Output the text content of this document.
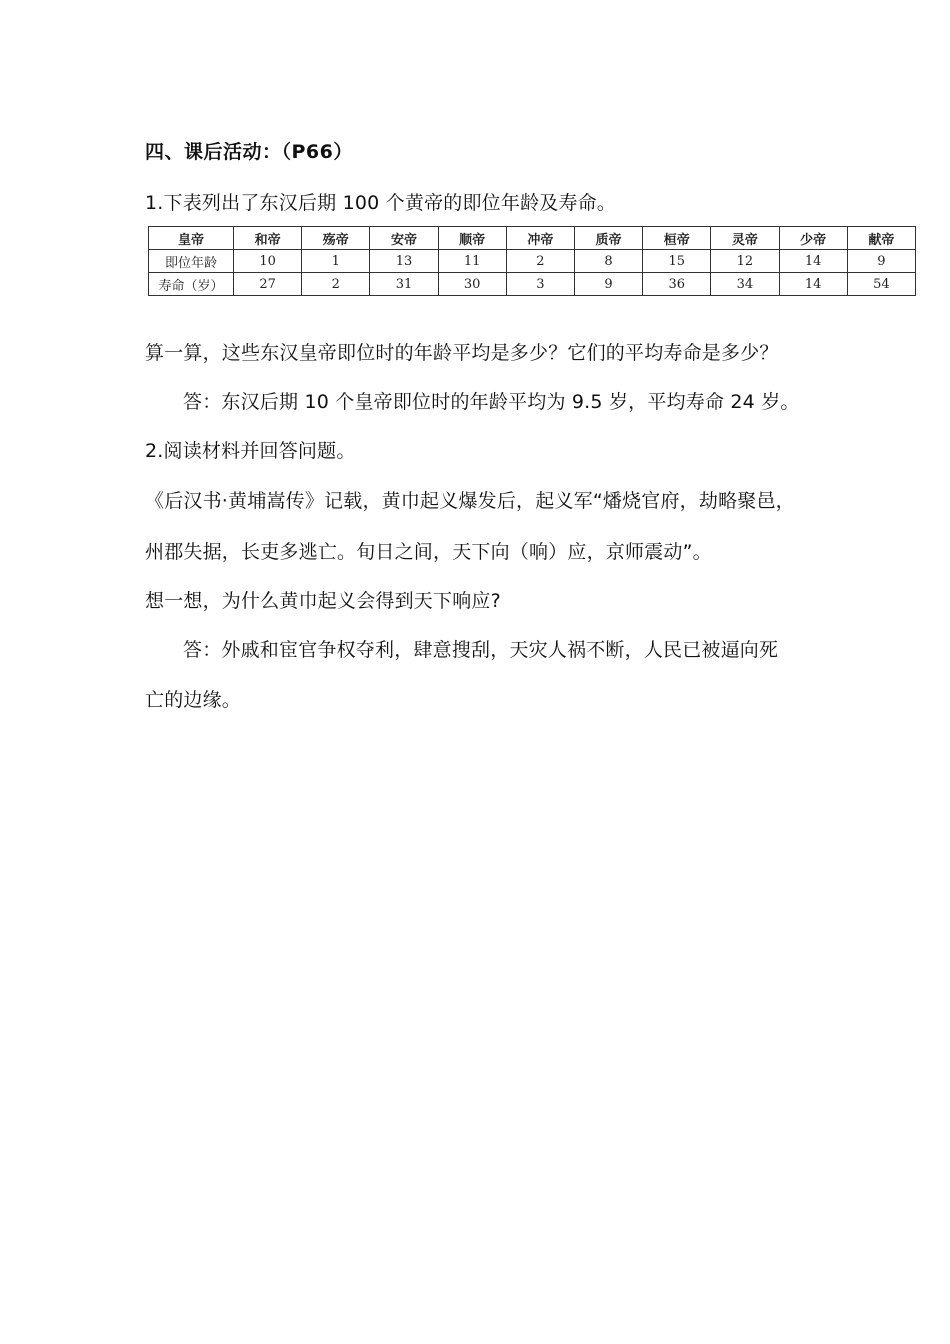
四、课后活动：（P66）
1.下表列出了东汉后期 100 个黄帝的即位年龄及寿命。
皇帝	和帝	殇帝	安帝	顺帝	冲帝	质帝	桓帝	灵帝	少帝	献帝
即位年龄	10	1	13	11	2	8	15	12	14	9
寿命（岁）	27	2	31	30	3	9	36	34	14	54
算一算，这些东汉皇帝即位时的年龄平均是多少？它们的平均寿命是多少？
答：东汉后期 10 个皇帝即位时的年龄平均为 9.5 岁，平均寿命 24 岁。
2.阅读材料并回答问题。
《后汉书·黄埔嵩传》记载，黄巾起义爆发后，起义军“燔烧官府，劫略聚邑，
州郡失据，长吏多逃亡。旬日之间，天下向（响）应，京师震动”。
想一想，为什么黄巾起义会得到天下响应?
答：外戚和宦官争权夺利，肆意搜刮，天灾人祸不断，人民已被逼向死
亡的边缘。
